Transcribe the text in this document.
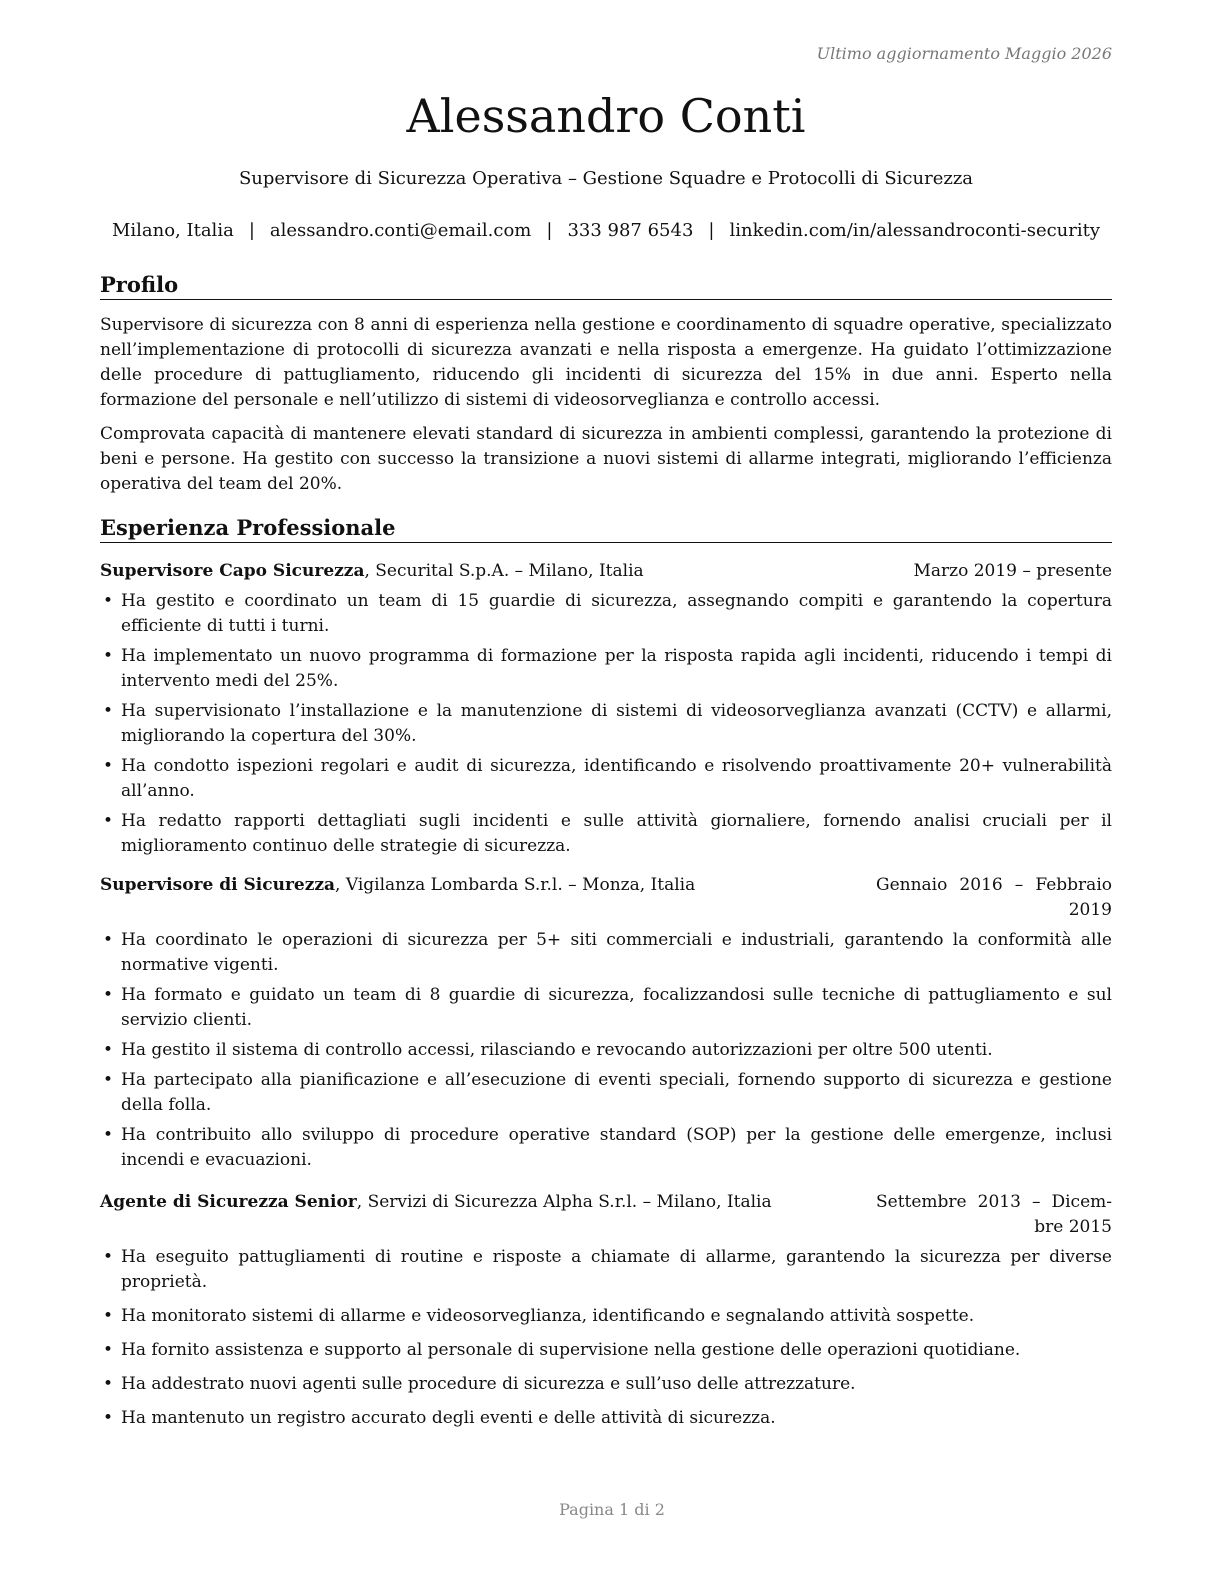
Ultimo aggiornamento Maggio 2026
Alessandro Conti
Supervisore di Sicurezza Operativa – Gestione Squadre e Protocolli di Sicurezza
Milano, Italia | alessandro.conti@email.com | 333 987 6543 | linkedin.com/in/alessandroconti-security
Profilo

Supervisore di sicurezza con 8 anni di esperienza nella gestione e coordinamento di squadre operative, specializzato nell’implementazione di protocolli di sicurezza avanzati e nella risposta a emergenze. Ha guidato l’ottimizzazione delle procedure di pattugliamento, riducendo gli incidenti di sicurezza del 15% in due anni. Esperto nella formazione del personale e nell’utilizzo di sistemi di videosorveglianza e controllo accessi.

Comprovata capacità di mantenere elevati standard di sicurezza in ambienti complessi, garantendo la protezione di beni e persone. Ha gestito con successo la transizione a nuovi sistemi di allarme integrati, migliorando l’efficienza operativa del team del 20%.

Esperienza Professionale
Supervisore Capo Sicurezza, Securital S.p.A. – Milano, Italia	Marzo 2019 – presente
• Ha gestito e coordinato un team di 15 guardie di sicurezza, assegnando compiti e garantendo la copertura efficiente di tutti i turni.
• Ha implementato un nuovo programma di formazione per la risposta rapida agli incidenti, riducendo i tempi di intervento medi del 25%.
• Ha supervisionato l’installazione e la manutenzione di sistemi di videosorveglianza avanzati (CCTV) e allarmi, migliorando la copertura del 30%.
• Ha condotto ispezioni regolari e audit di sicurezza, identificando e risolvendo proattivamente 20+ vulnerabilità all’anno.
• Ha redatto rapporti dettagliati sugli incidenti e sulle attività giornaliere, fornendo analisi cruciali per il miglioramento continuo delle strategie di sicurezza.
Supervisore di Sicurezza, Vigilanza Lombarda S.r.l. – Monza, Italia	Gennaio 2016 – Febbraio 2019
• Ha coordinato le operazioni di sicurezza per 5+ siti commerciali e industriali, garantendo la conformità alle normative vigenti.
• Ha formato e guidato un team di 8 guardie di sicurezza, focalizzandosi sulle tecniche di pattugliamento e sul servizio clienti.
• Ha gestito il sistema di controllo accessi, rilasciando e revocando autorizzazioni per oltre 500 utenti.
• Ha partecipato alla pianificazione e all’esecuzione di eventi speciali, fornendo supporto di sicurezza e gestione della folla.
• Ha contribuito allo sviluppo di procedure operative standard (SOP) per la gestione delle emergenze, inclusi incendi e evacuazioni.
Agente di Sicurezza Senior, Servizi di Sicurezza Alpha S.r.l. – Milano, Italia	Settembre 2013 – Dicem-bre 2015
• Ha eseguito pattugliamenti di routine e risposte a chiamate di allarme, garantendo la sicurezza per diverse proprietà.
• Ha monitorato sistemi di allarme e videosorveglianza, identificando e segnalando attività sospette.
• Ha fornito assistenza e supporto al personale di supervisione nella gestione delle operazioni quotidiane.
• Ha addestrato nuovi agenti sulle procedure di sicurezza e sull’uso delle attrezzature.
• Ha mantenuto un registro accurato degli eventi e delle attività di sicurezza.
Pagina 1 di 2
